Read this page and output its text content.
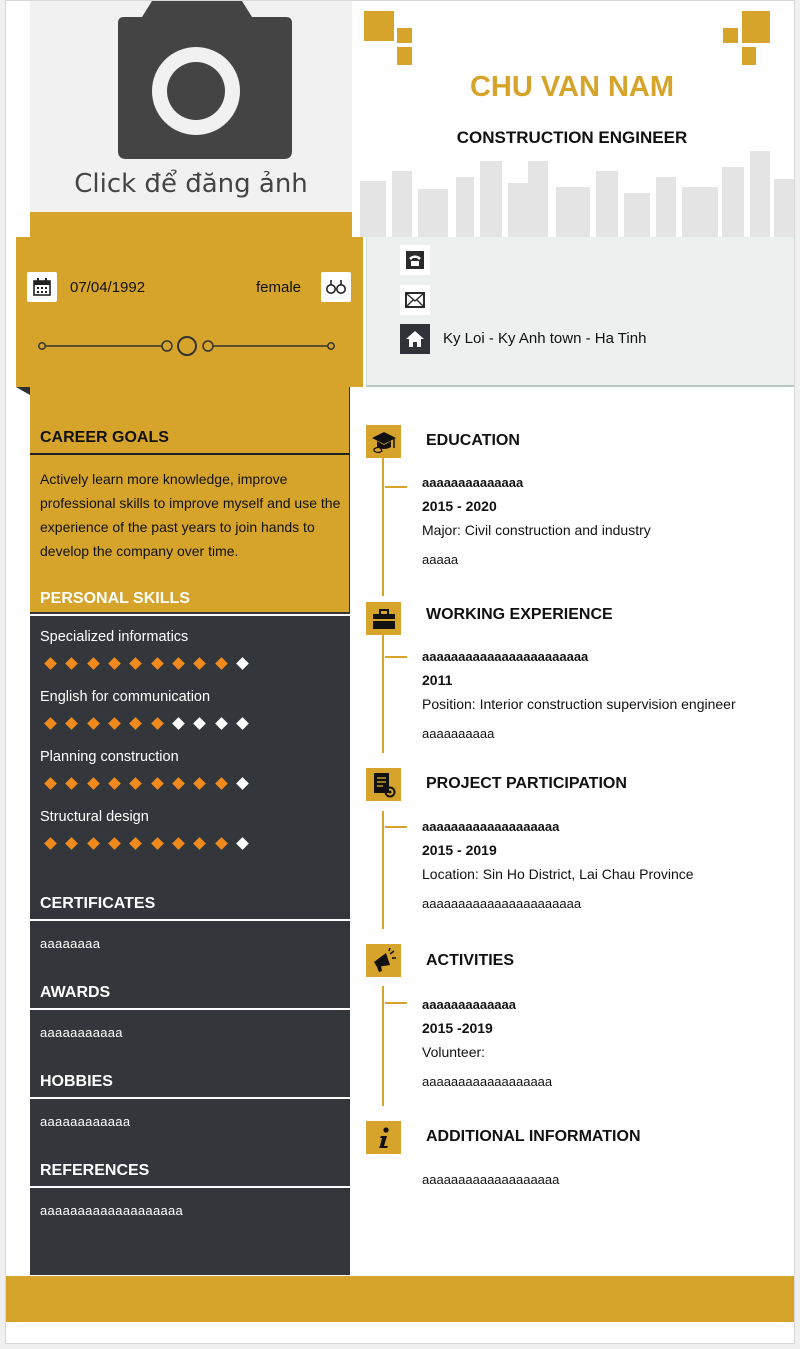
Click để đăng ảnh
CHU VAN NAM
CONSTRUCTION ENGINEER
07/04/1992	female
Ky Loi - Ky Anh town - Ha Tinh
CAREER GOALS
Actively learn more knowledge, improve professional skills to improve myself and use the experience of the past years to join hands to develop the company over time.
PERSONAL SKILLS
CERTIFICATES
aaaaaaaa
AWARDS
aaaaaaaaaaa
HOBBIES
aaaaaaaaaaaa
REFERENCES
aaaaaaaaaaaaaaaaaaa
EDUCATION
aaaaaaaaaaaaaa
2015 - 2020
Major: Civil construction and industry
aaaaa
WORKING EXPERIENCE
aaaaaaaaaaaaaaaaaaaaaaa
2011
Position: Interior construction supervision engineer
aaaaaaaaaa
PROJECT PARTICIPATION
aaaaaaaaaaaaaaaaaaa
2015 - 2019
Location: Sin Ho District, Lai Chau Province
aaaaaaaaaaaaaaaaaaaaaa
ACTIVITIES
aaaaaaaaaaaaa
2015 -2019
Volunteer:
aaaaaaaaaaaaaaaaaa
ADDITIONAL INFORMATION
aaaaaaaaaaaaaaaaaaa
Specialized informatics
English for communication
Planning construction
Structural design
